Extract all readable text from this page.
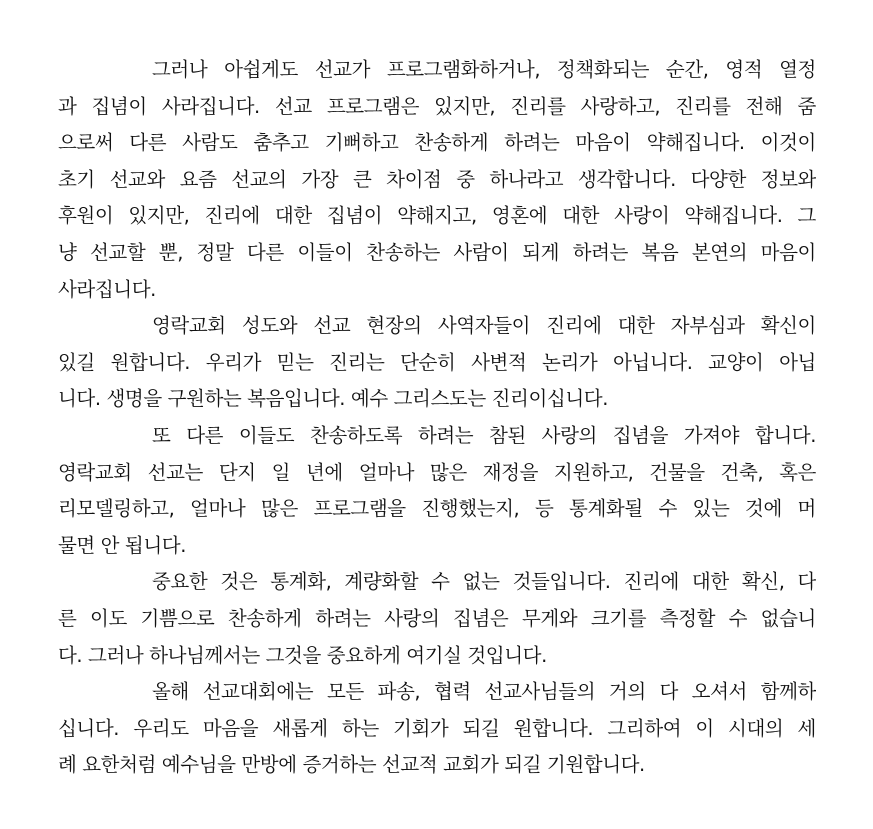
그러나 아쉽게도 선교가 프로그램화하거나, 정책화되는 순간, 영적 열정
과 집념이 사라집니다. 선교 프로그램은 있지만, 진리를 사랑하고, 진리를 전해 줌
으로써 다른 사람도 춤추고 기뻐하고 찬송하게 하려는 마음이 약해집니다. 이것이
초기 선교와 요즘 선교의 가장 큰 차이점 중 하나라고 생각합니다. 다양한 정보와
후원이 있지만, 진리에 대한 집념이 약해지고, 영혼에 대한 사랑이 약해집니다. 그
냥 선교할 뿐, 정말 다른 이들이 찬송하는 사람이 되게 하려는 복음 본연의 마음이
사라집니다.
영락교회 성도와 선교 현장의 사역자들이 진리에 대한 자부심과 확신이
있길 원합니다. 우리가 믿는 진리는 단순히 사변적 논리가 아닙니다. 교양이 아닙
니다. 생명을 구원하는 복음입니다. 예수 그리스도는 진리이십니다.
또 다른 이들도 찬송하도록 하려는 참된 사랑의 집념을 가져야 합니다.
영락교회 선교는 단지 일 년에 얼마나 많은 재정을 지원하고, 건물을 건축, 혹은
리모델링하고, 얼마나 많은 프로그램을 진행했는지, 등 통계화될 수 있는 것에 머
물면 안 됩니다.
중요한 것은 통계화, 계량화할 수 없는 것들입니다. 진리에 대한 확신, 다
른 이도 기쁨으로 찬송하게 하려는 사랑의 집념은 무게와 크기를 측정할 수 없습니
다. 그러나 하나님께서는 그것을 중요하게 여기실 것입니다.
올해 선교대회에는 모든 파송, 협력 선교사님들의 거의 다 오셔서 함께하
십니다. 우리도 마음을 새롭게 하는 기회가 되길 원합니다. 그리하여 이 시대의 세
례 요한처럼 예수님을 만방에 증거하는 선교적 교회가 되길 기원합니다.
